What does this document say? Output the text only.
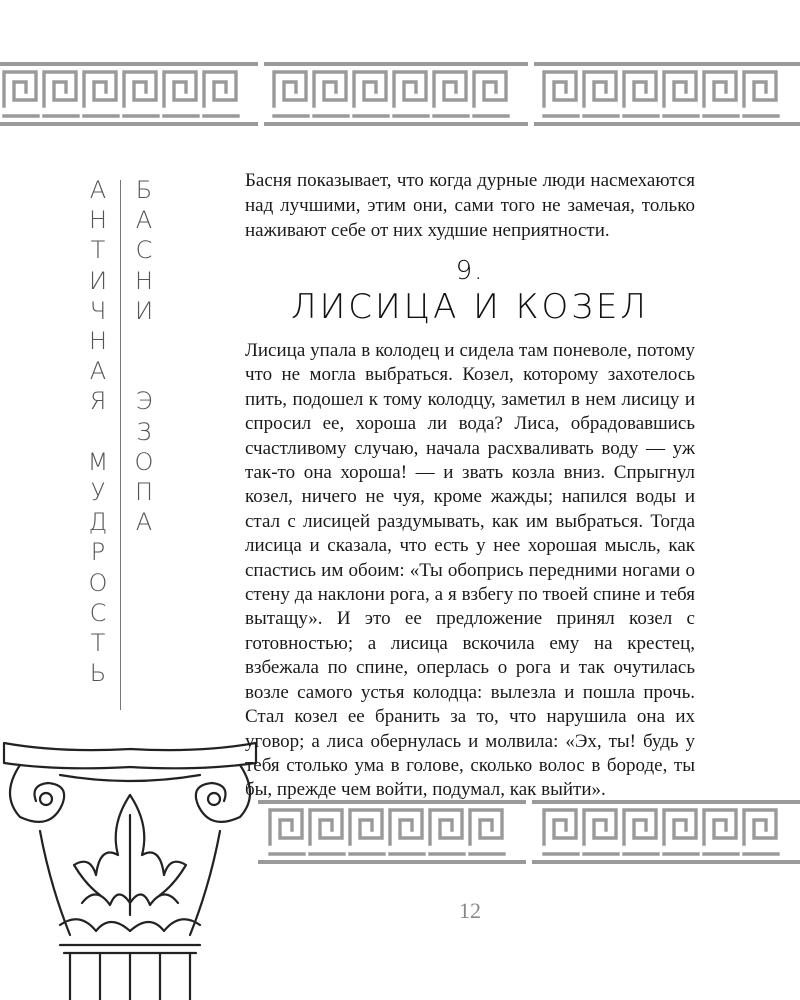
А
Н
Т
И
Ч
Н
А
Я

М
У
Д
Р
О
С
Т
Ь
Б
А
С
Н
И

Э
З
О
П
А

Басня показывает, что когда дурные люди насмехаются над лучшими, этим они, сами того не замечая, только наживают себе от них худшие неприятности.

9.
ЛИСИЦА И КОЗЕЛ

Лисица упала в колодец и сидела там поневоле, потому что не могла выбраться. Козел, которому захотелось пить, подошел к тому колодцу, заметил в нем лисицу и спросил ее, хороша ли вода? Лиса, обрадовавшись счастливому случаю, начала расхваливать воду — уж так-то она хороша! — и звать козла вниз. Спрыгнул козел, ничего не чуя, кроме жажды; напился воды и стал с лисицей раздумывать, как им выбраться. Тогда лисица и сказала, что есть у нее хорошая мысль, как спастись им обоим: «Ты обопрись передними ногами о стену да наклони рога, а я взбегу по твоей спине и тебя вытащу». И это ее предложение принял козел с готовностью; а лисица вскочила ему на крестец, взбежала по спине, оперлась о рога и так очутилась возле самого устья колодца: вылезла и пошла прочь. Стал козел ее бранить за то, что нарушила она их уговор; а лиса обернулась и молвила: «Эх, ты! будь у тебя столько ума в голове, сколько волос в бороде, ты бы, прежде чем войти, подумал, как выйти».

12
